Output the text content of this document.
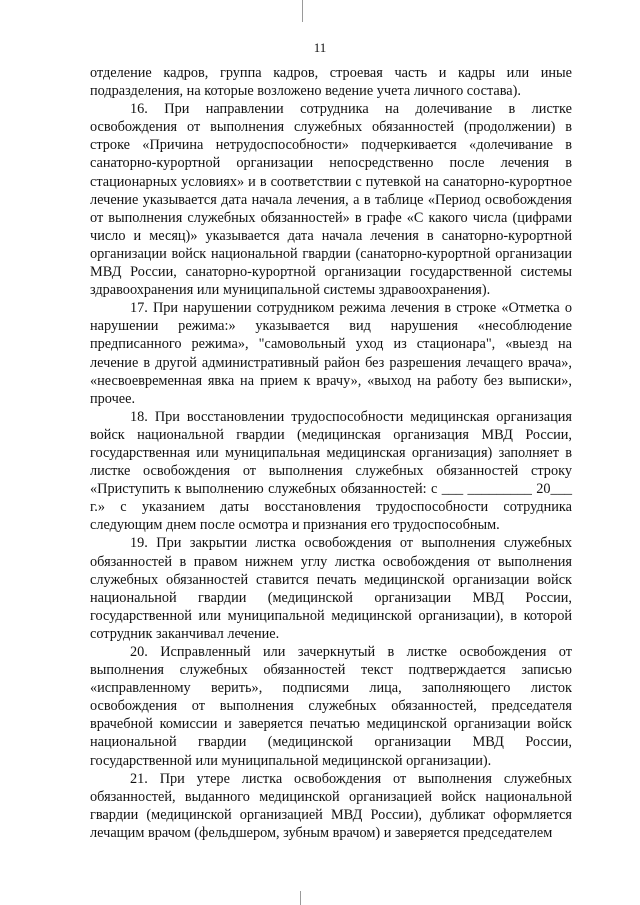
11

отделение кадров, группа кадров, строевая часть и кадры или иные подразделения, на которые возложено ведение учета личного состава).

16. При направлении сотрудника на долечивание в листке освобождения от выполнения служебных обязанностей (продолжении) в строке «Причина нетрудоспособности» подчеркивается «долечивание в санаторно-курортной организации непосредственно после лечения в стационарных условиях» и в соответствии с путевкой на санаторно-курортное лечение указывается дата начала лечения, а в таблице «Период освобождения от выполнения служебных обязанностей» в графе «С какого числа (цифрами число и месяц)» указывается дата начала лечения в санаторно-курортной организации войск национальной гвардии (санаторно-курортной организации МВД России, санаторно-курортной организации государственной системы здравоохранения или муниципальной системы здравоохранения).

17. При нарушении сотрудником режима лечения в строке «Отметка о нарушении режима:» указывается вид нарушения «несоблюдение предписанного режима», "самовольный уход из стационара", «выезд на лечение в другой административный район без разрешения лечащего врача», «несвоевременная явка на прием к врачу», «выход на работу без выписки», прочее.

18. При восстановлении трудоспособности медицинская организация войск национальной гвардии (медицинская организация МВД России, государственная или муниципальная медицинская организация) заполняет в листке освобождения от выполнения служебных обязанностей строку «Приступить к выполнению служебных обязанностей: с ___ _________ 20___ г.» с указанием даты восстановления трудоспособности сотрудника следующим днем после осмотра и признания его трудоспособным.

19. При закрытии листка освобождения от выполнения служебных обязанностей в правом нижнем углу листка освобождения от выполнения служебных обязанностей ставится печать медицинской организации войск национальной гвардии (медицинской организации МВД России, государственной или муниципальной медицинской организации), в которой сотрудник заканчивал лечение.

20. Исправленный или зачеркнутый в листке освобождения от выполнения служебных обязанностей текст подтверждается записью «исправленному верить», подписями лица, заполняющего листок освобождения от выполнения служебных обязанностей, председателя врачебной комиссии и заверяется печатью медицинской организации войск национальной гвардии (медицинской организации МВД России, государственной или муниципальной медицинской организации).

21. При утере листка освобождения от выполнения служебных обязанностей, выданного медицинской организацией войск национальной гвардии (медицинской организацией МВД России), дубликат оформляется лечащим врачом (фельдшером, зубным врачом) и заверяется председателем
